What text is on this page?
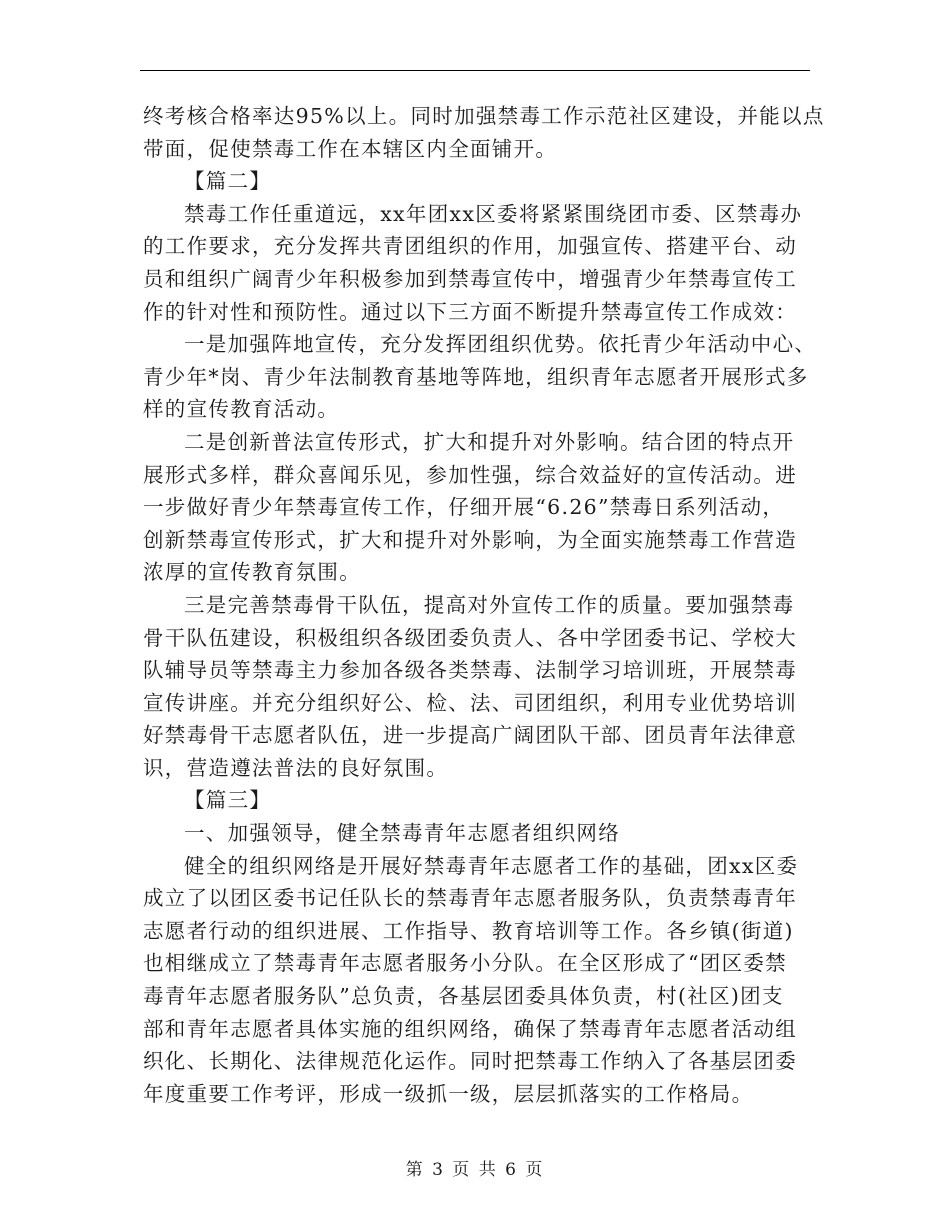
终考核合格率达95%以上。同时加强禁毒工作示范社区建设，并能以点
带面，促使禁毒工作在本辖区内全面铺开。
【篇二】
禁毒工作任重道远，xx年团xx区委将紧紧围绕团市委、区禁毒办
的工作要求，充分发挥共青团组织的作用，加强宣传、搭建平台、动
员和组织广阔青少年积极参加到禁毒宣传中，增强青少年禁毒宣传工
作的针对性和预防性。通过以下三方面不断提升禁毒宣传工作成效：
一是加强阵地宣传，充分发挥团组织优势。依托青少年活动中心、
青少年*岗、青少年法制教育基地等阵地，组织青年志愿者开展形式多
样的宣传教育活动。
二是创新普法宣传形式，扩大和提升对外影响。结合团的特点开
展形式多样，群众喜闻乐见，参加性强，综合效益好的宣传活动。进
一步做好青少年禁毒宣传工作，仔细开展“6.26”禁毒日系列活动，
创新禁毒宣传形式，扩大和提升对外影响，为全面实施禁毒工作营造
浓厚的宣传教育氛围。
三是完善禁毒骨干队伍，提高对外宣传工作的质量。要加强禁毒
骨干队伍建设，积极组织各级团委负责人、各中学团委书记、学校大
队辅导员等禁毒主力参加各级各类禁毒、法制学习培训班，开展禁毒
宣传讲座。并充分组织好公、检、法、司团组织，利用专业优势培训
好禁毒骨干志愿者队伍，进一步提高广阔团队干部、团员青年法律意
识，营造遵法普法的良好氛围。
【篇三】
一、加强领导，健全禁毒青年志愿者组织网络
健全的组织网络是开展好禁毒青年志愿者工作的基础，团xx区委
成立了以团区委书记任队长的禁毒青年志愿者服务队，负责禁毒青年
志愿者行动的组织进展、工作指导、教育培训等工作。各乡镇(街道)
也相继成立了禁毒青年志愿者服务小分队。在全区形成了“团区委禁
毒青年志愿者服务队”总负责，各基层团委具体负责，村(社区)团支
部和青年志愿者具体实施的组织网络，确保了禁毒青年志愿者活动组
织化、长期化、法律规范化运作。同时把禁毒工作纳入了各基层团委
年度重要工作考评，形成一级抓一级，层层抓落实的工作格局。
第 3 页 共 6 页
